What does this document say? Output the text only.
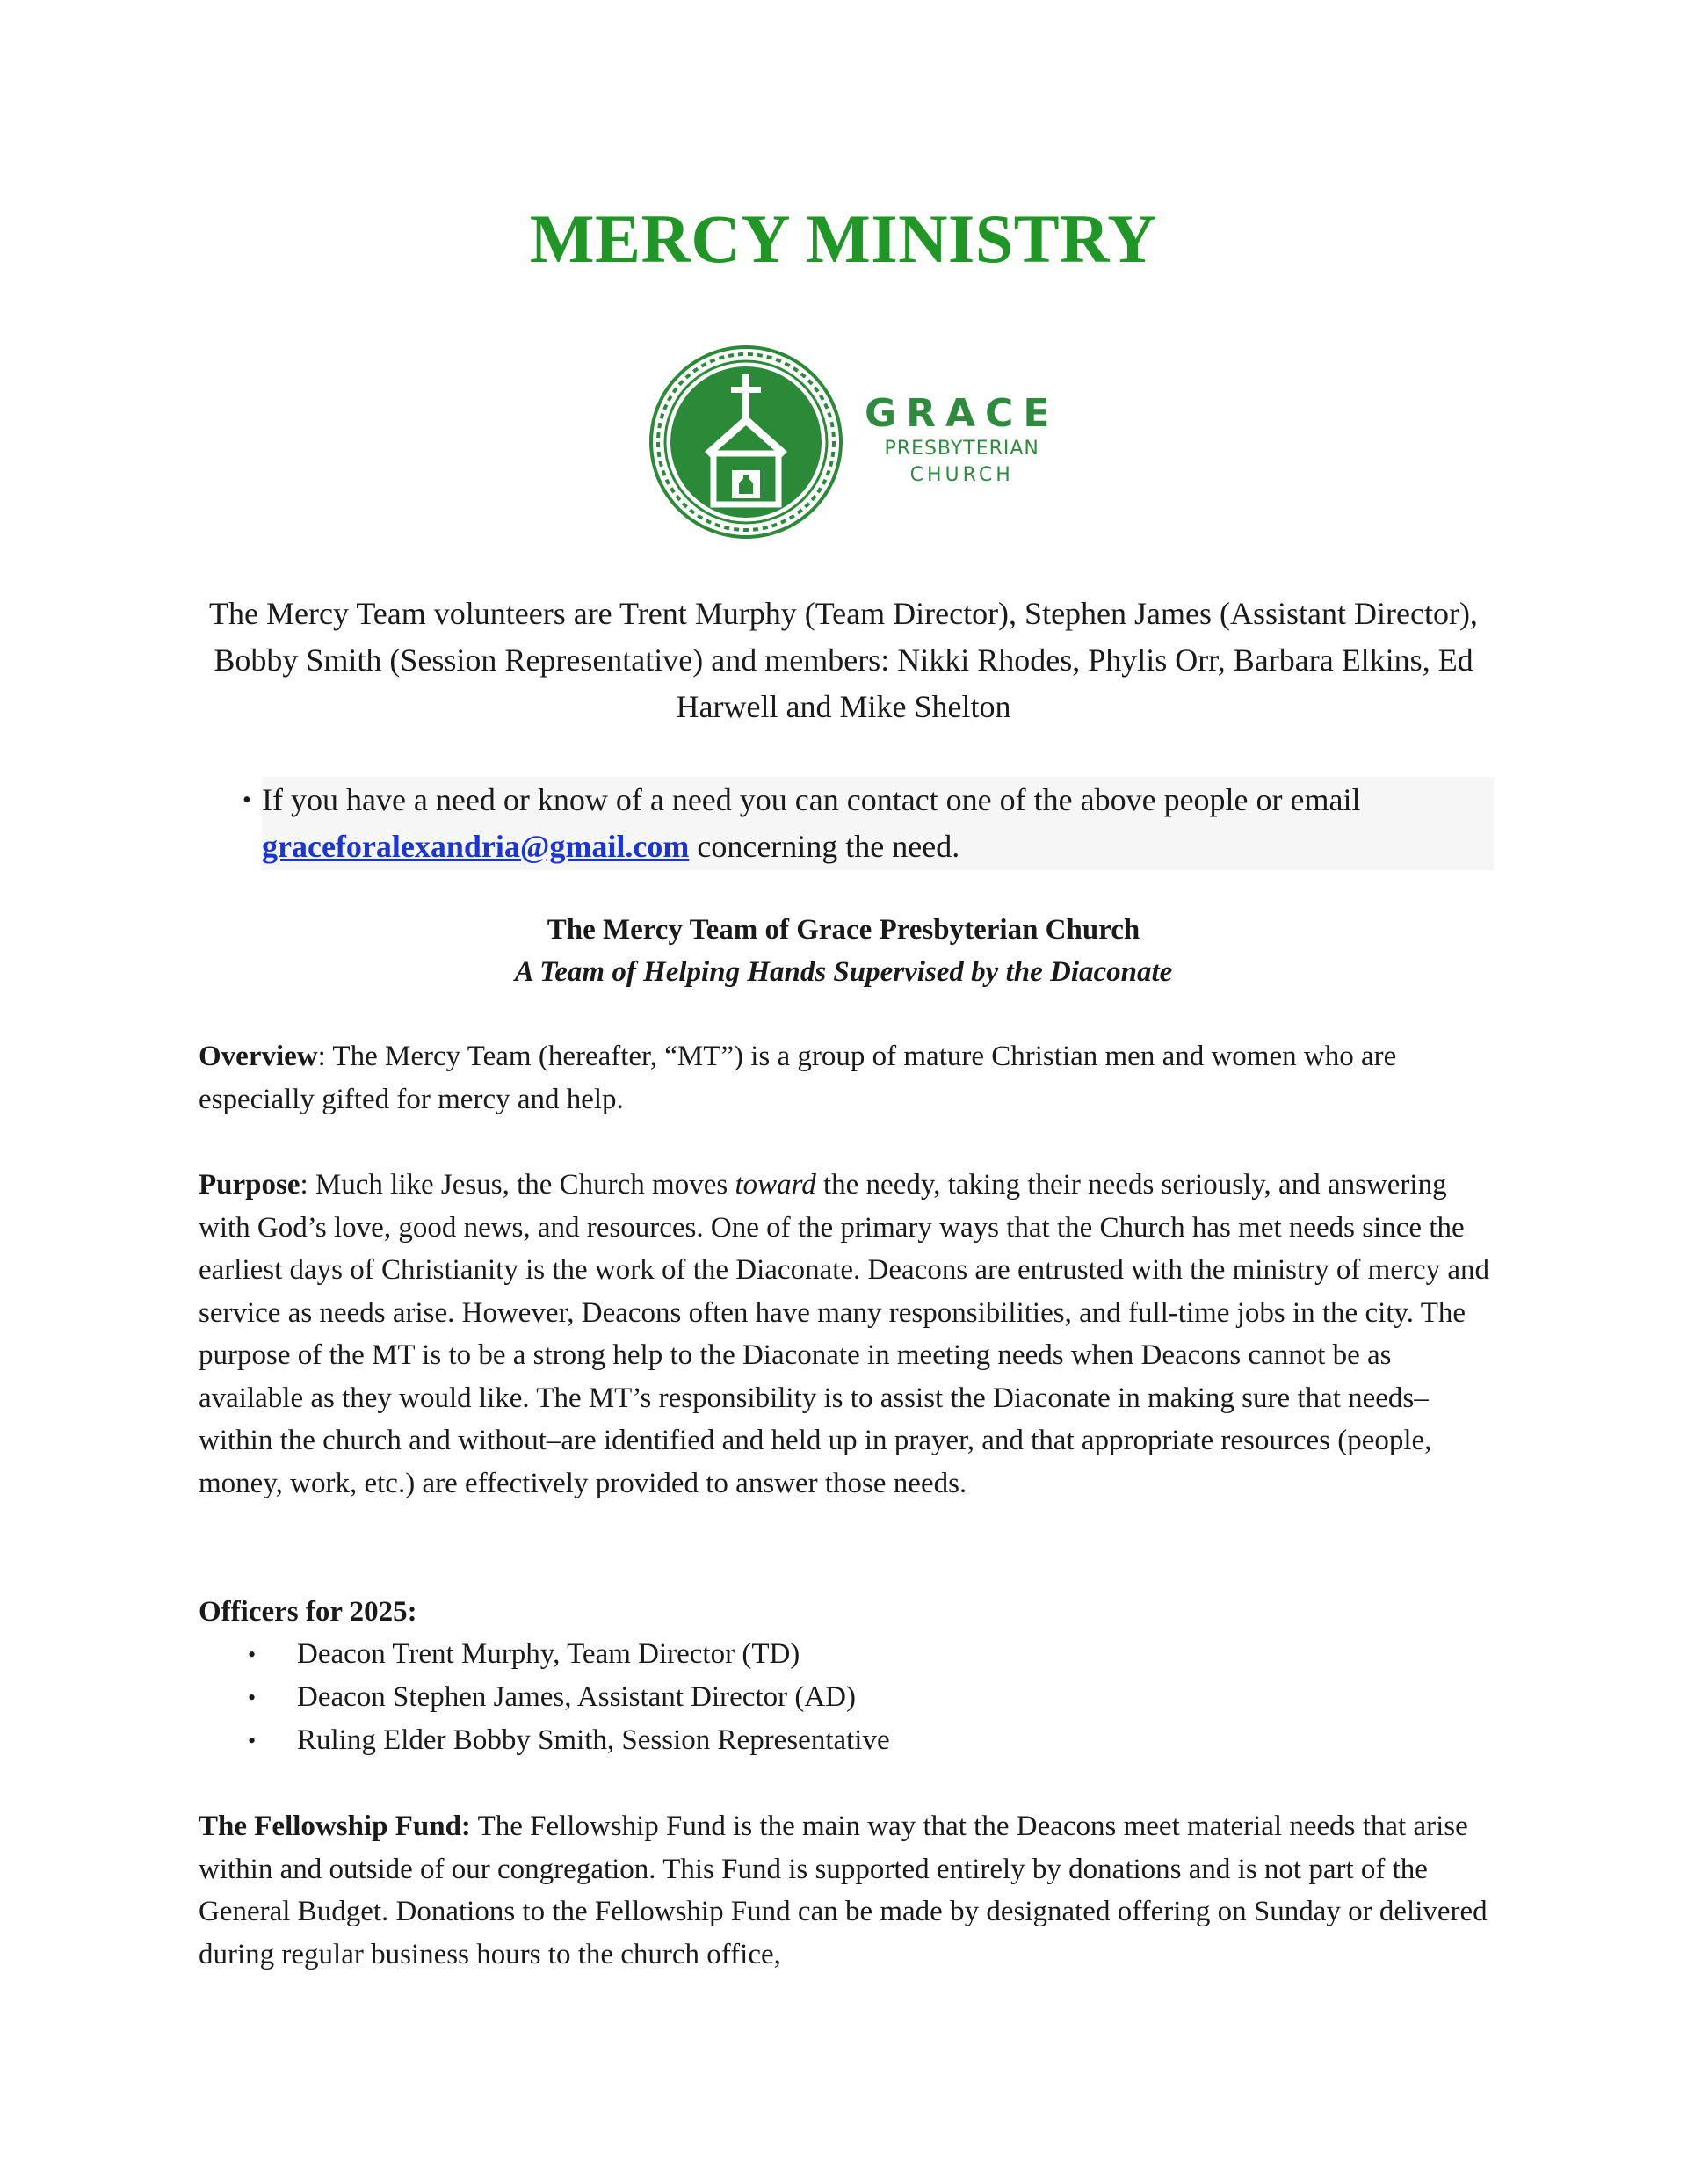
MERCY MINISTRY
GRACE
PRESBYTERIAN
CHURCH
The Mercy Team volunteers are Trent Murphy (Team Director), Stephen James (Assistant Director), Bobby Smith (Session Representative) and members: Nikki Rhodes, Phylis Orr, Barbara Elkins, Ed Harwell and Mike Shelton
• If you have a need or know of a need you can contact one of the above people or email graceforalexandria@gmail.com concerning the need.
The Mercy Team of Grace Presbyterian Church
A Team of Helping Hands Supervised by the Diaconate
Overview: The Mercy Team (hereafter, “MT”) is a group of mature Christian men and women who are especially gifted for mercy and help.
Purpose: Much like Jesus, the Church moves toward the needy, taking their needs seriously, and answering with God’s love, good news, and resources. One of the primary ways that the Church has met needs since the earliest days of Christianity is the work of the Diaconate. Deacons are entrusted with the ministry of mercy and service as needs arise. However, Deacons often have many responsibilities, and full-time jobs in the city. The purpose of the MT is to be a strong help to the Diaconate in meeting needs when Deacons cannot be as available as they would like. The MT’s responsibility is to assist the Diaconate in making sure that needs–within the church and without–are identified and held up in prayer, and that appropriate resources (people, money, work, etc.) are effectively provided to answer those needs.
Officers for 2025:
•	Deacon Trent Murphy, Team Director (TD)
•	Deacon Stephen James, Assistant Director (AD)
•	Ruling Elder Bobby Smith, Session Representative
The Fellowship Fund: The Fellowship Fund is the main way that the Deacons meet material needs that arise within and outside of our congregation. This Fund is supported entirely by donations and is not part of the General Budget. Donations to the Fellowship Fund can be made by designated offering on Sunday or delivered during regular business hours to the church office,
